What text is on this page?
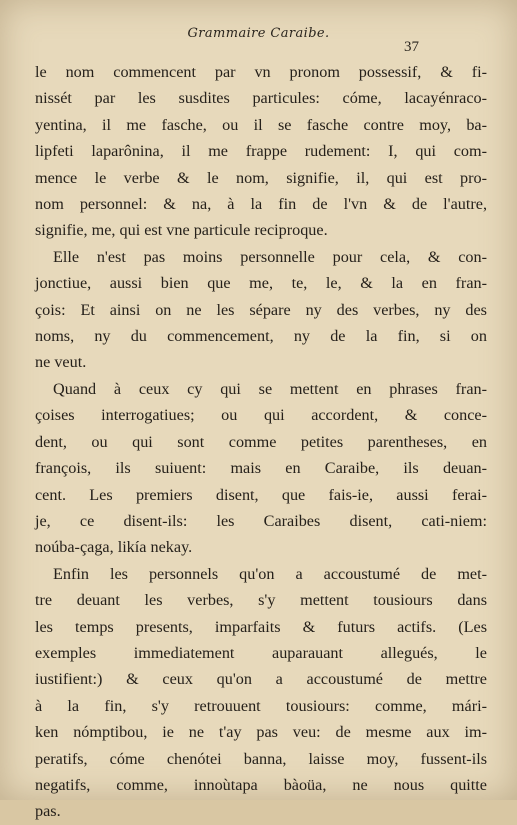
Grammaire Caraibe.
37
le nom commencent par vn pronom possessif, & fi-
nissét par les susdites particules: cóme, lacayénraco-
yentina, il me fasche, ou il se fasche contre moy, ba-
lipfeti laparônina, il me frappe rudement: I, qui com-
mence le verbe & le nom, signifie, il, qui est pro-
nom personnel: & na, à la fin de l'vn & de l'autre,
signifie, me, qui est vne particule reciproque.
Elle n'est pas moins personnelle pour cela, & con-
jonctiue, aussi bien que me, te, le, & la en fran-
çois: Et ainsi on ne les sépare ny des verbes, ny des
noms, ny du commencement, ny de la fin, si on
ne veut.
Quand à ceux cy qui se mettent en phrases fran-
çoises interrogatiues; ou qui accordent, & conce-
dent, ou qui sont comme petites parentheses, en
françois, ils suiuent: mais en Caraibe, ils deuan-
cent. Les premiers disent, que fais-ie, aussi ferai-
je, ce disent-ils: les Caraibes disent, cati-niem:
noúba-çaga, likía nekay.
Enfin les personnels qu'on a accoustumé de met-
tre deuant les verbes, s'y mettent tousiours dans
les temps presents, imparfaits & futurs actifs. (Les
exemples immediatement auparauant allegués, le
iustifient:) & ceux qu'on a accoustumé de mettre
à la fin, s'y retrouuent tousiours: comme, mári-
ken nómptibou, ie ne t'ay pas veu: de mesme aux im-
peratifs, cóme chenótei banna, laisse moy, fussent-ils
negatifs, comme, innoùtapa bàoüa, ne nous quitte
pas.
